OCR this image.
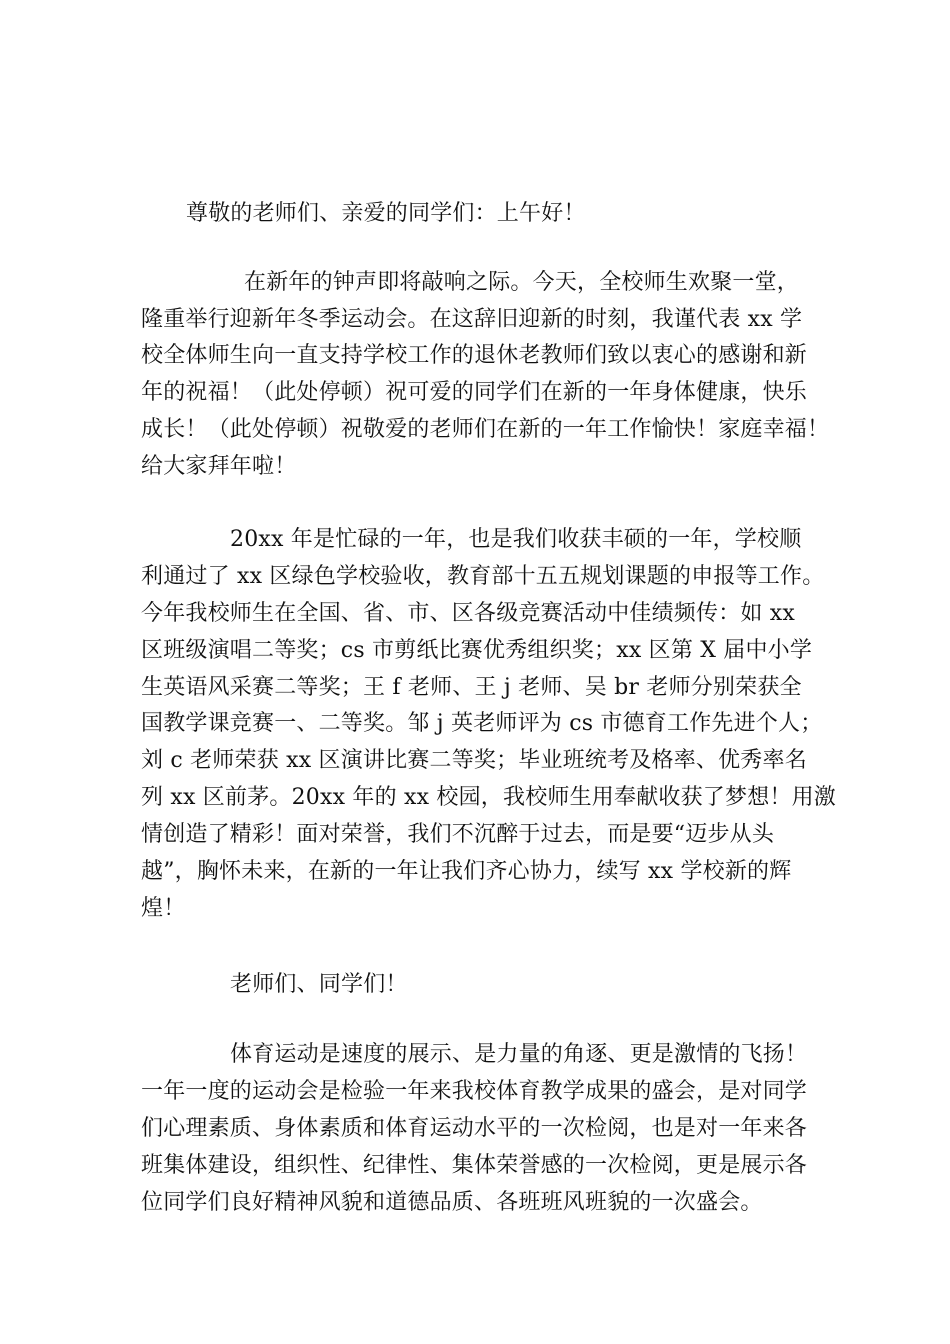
尊敬的老师们、亲爱的同学们：上午好！
在新年的钟声即将敲响之际。今天，全校师生欢聚一堂，
隆重举行迎新年冬季运动会。在这辞旧迎新的时刻，我谨代表 xx 学
校全体师生向一直支持学校工作的退休老教师们致以衷心的感谢和新
年的祝福！（此处停顿）祝可爱的同学们在新的一年身体健康，快乐
成长！（此处停顿）祝敬爱的老师们在新的一年工作愉快！家庭幸福！
给大家拜年啦！
20xx 年是忙碌的一年，也是我们收获丰硕的一年，学校顺
利通过了 xx 区绿色学校验收，教育部十五五规划课题的申报等工作。
今年我校师生在全国、省、市、区各级竞赛活动中佳绩频传：如 xx
区班级演唱二等奖；cs 市剪纸比赛优秀组织奖；xx 区第 X 届中小学
生英语风采赛二等奖；王 f 老师、王 j 老师、吴 br 老师分别荣获全
国教学课竞赛一、二等奖。邹 j 英老师评为 cs 市德育工作先进个人；
刘 c 老师荣获 xx 区演讲比赛二等奖；毕业班统考及格率、优秀率名
列 xx 区前茅。20xx 年的 xx 校园，我校师生用奉献收获了梦想！用激
情创造了精彩！面对荣誉，我们不沉醉于过去，而是要“迈步从头
越”，胸怀未来，在新的一年让我们齐心协力，续写 xx 学校新的辉
煌！
老师们、同学们！
体育运动是速度的展示、是力量的角逐、更是激情的飞扬！
一年一度的运动会是检验一年来我校体育教学成果的盛会，是对同学
们心理素质、身体素质和体育运动水平的一次检阅，也是对一年来各
班集体建设，组织性、纪律性、集体荣誉感的一次检阅，更是展示各
位同学们良好精神风貌和道德品质、各班班风班貌的一次盛会。
